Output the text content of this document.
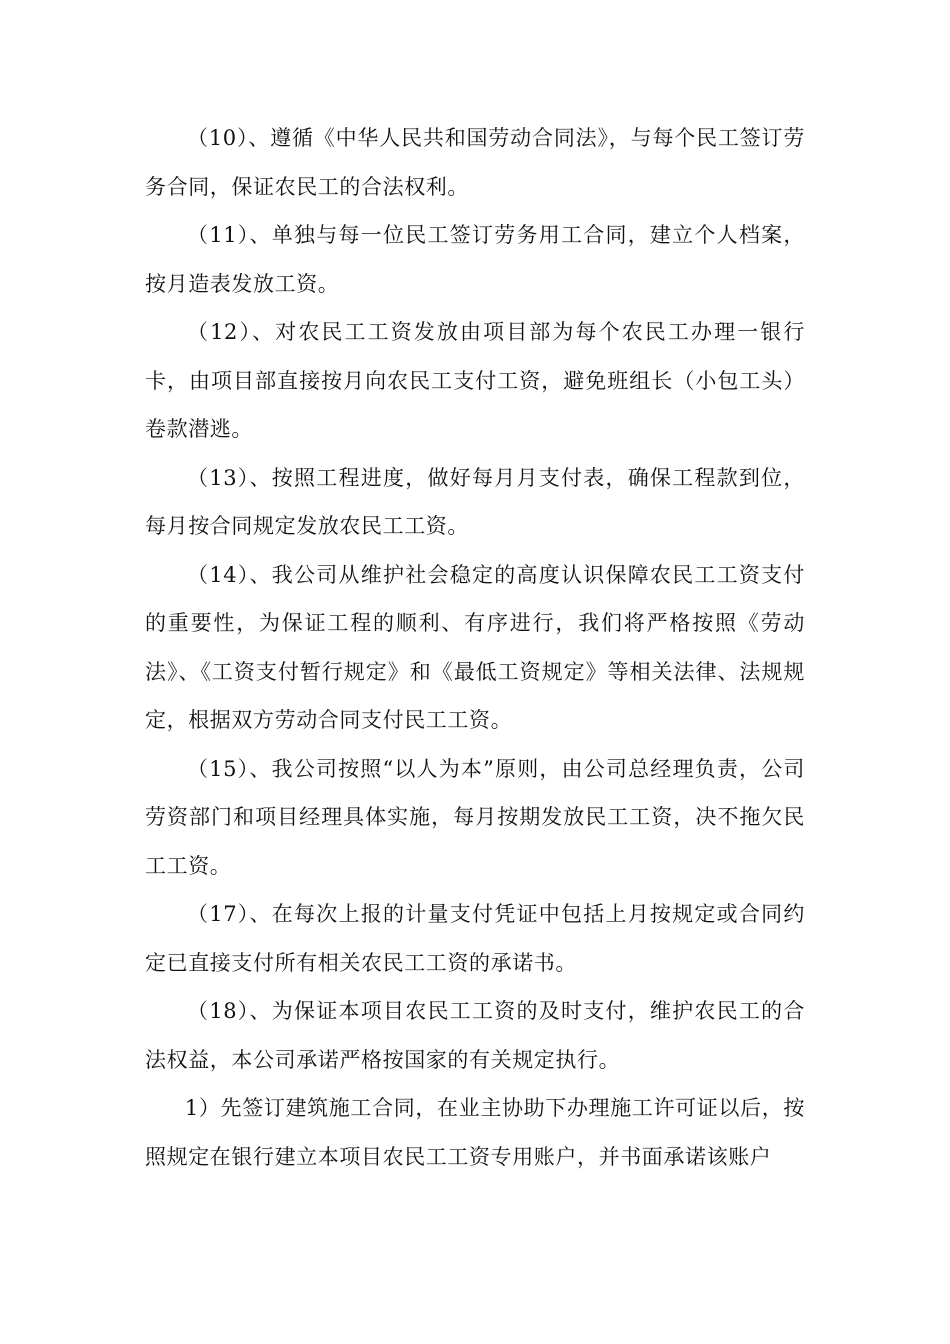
（10）、遵循《中华人民共和国劳动合同法》，与每个民工签订劳务合同，保证农民工的合法权利。

（11）、单独与每一位民工签订劳务用工合同，建立个人档案，按月造表发放工资。

（12）、对农民工工资发放由项目部为每个农民工办理一银行卡，由项目部直接按月向农民工支付工资，避免班组长（小包工头）卷款潜逃。

（13）、按照工程进度，做好每月月支付表，确保工程款到位，每月按合同规定发放农民工工资。

（14）、我公司从维护社会稳定的高度认识保障农民工工资支付的重要性，为保证工程的顺利、有序进行，我们将严格按照《劳动法》、《工资支付暂行规定》和《最低工资规定》等相关法律、法规规定，根据双方劳动合同支付民工工资。

（15）、我公司按照“以人为本”原则，由公司总经理负责，公司劳资部门和项目经理具体实施，每月按期发放民工工资，决不拖欠民工工资。

（17）、在每次上报的计量支付凭证中包括上月按规定或合同约定已直接支付所有相关农民工工资的承诺书。

（18）、为保证本项目农民工工资的及时支付，维护农民工的合法权益，本公司承诺严格按国家的有关规定执行。

1）先签订建筑施工合同，在业主协助下办理施工许可证以后，按照规定在银行建立本项目农民工工资专用账户，并书面承诺该账户
